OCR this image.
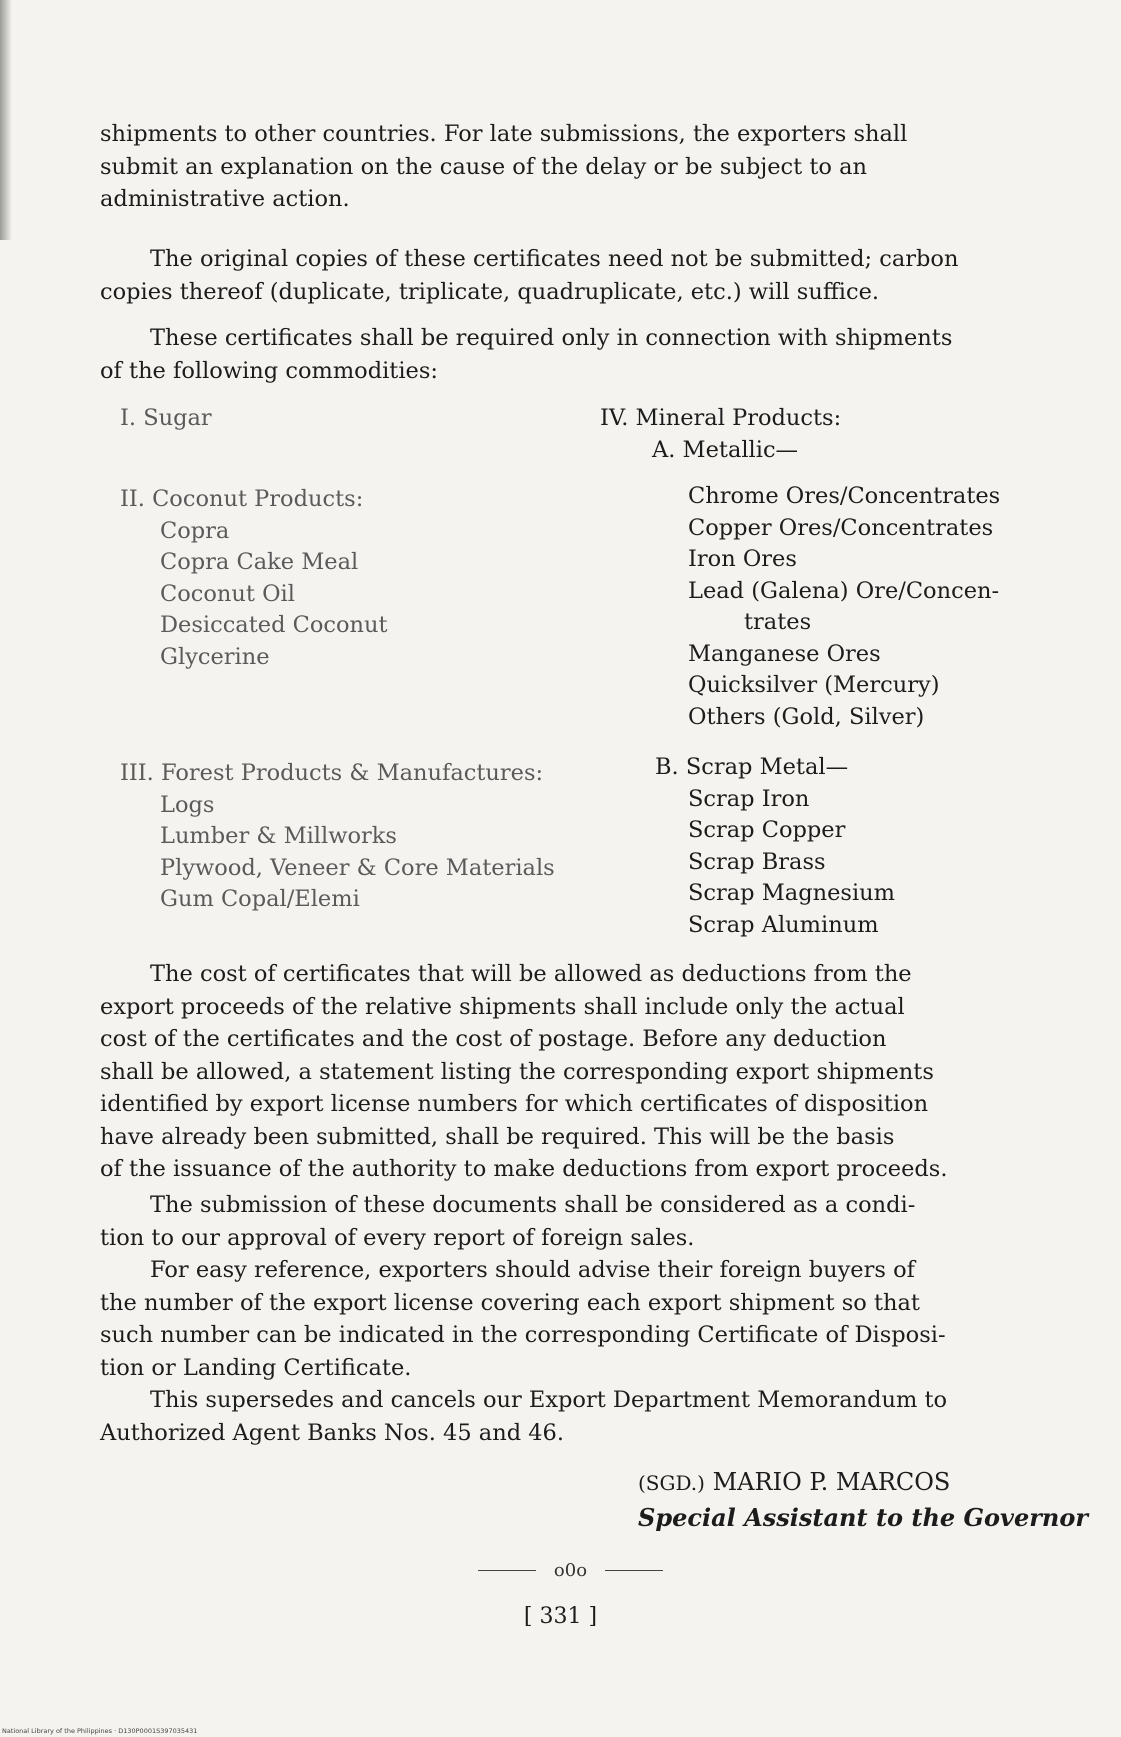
shipments to other countries. For late submissions, the exporters shall
submit an explanation on the cause of the delay or be subject to an
administrative action.

The original copies of these certificates need not be submitted; carbon
copies thereof (duplicate, triplicate, quadruplicate, etc.) will suffice.

These certificates shall be required only in connection with shipments
of the following commodities:

I. Sugar
II. Coconut Products:
Copra
Copra Cake Meal
Coconut Oil
Desiccated Coconut
Glycerine
III. Forest Products & Manufactures:
Logs
Lumber & Millworks
Plywood, Veneer & Core Materials
Gum Copal/Elemi
IV. Mineral Products:
A. Metallic—
Chrome Ores/Concentrates
Copper Ores/Concentrates
Iron Ores
Lead (Galena) Ore/Concen-
trates
Manganese Ores
Quicksilver (Mercury)
Others (Gold, Silver)
B. Scrap Metal—
Scrap Iron
Scrap Copper
Scrap Brass
Scrap Magnesium
Scrap Aluminum

The cost of certificates that will be allowed as deductions from the
export proceeds of the relative shipments shall include only the actual
cost of the certificates and the cost of postage. Before any deduction
shall be allowed, a statement listing the corresponding export shipments
identified by export license numbers for which certificates of disposition
have already been submitted, shall be required. This will be the basis
of the issuance of the authority to make deductions from export proceeds.

The submission of these documents shall be considered as a condi-
tion to our approval of every report of foreign sales.

For easy reference, exporters should advise their foreign buyers of
the number of the export license covering each export shipment so that
such number can be indicated in the corresponding Certificate of Disposi-
tion or Landing Certificate.

This supersedes and cancels our Export Department Memorandum to
Authorized Agent Banks Nos. 45 and 46.

(SGD.) MARIO P. MARCOS
Special Assistant to the Governor
o0o
[ 331 ]
National Library of the Philippines · D130P0001S397035431
